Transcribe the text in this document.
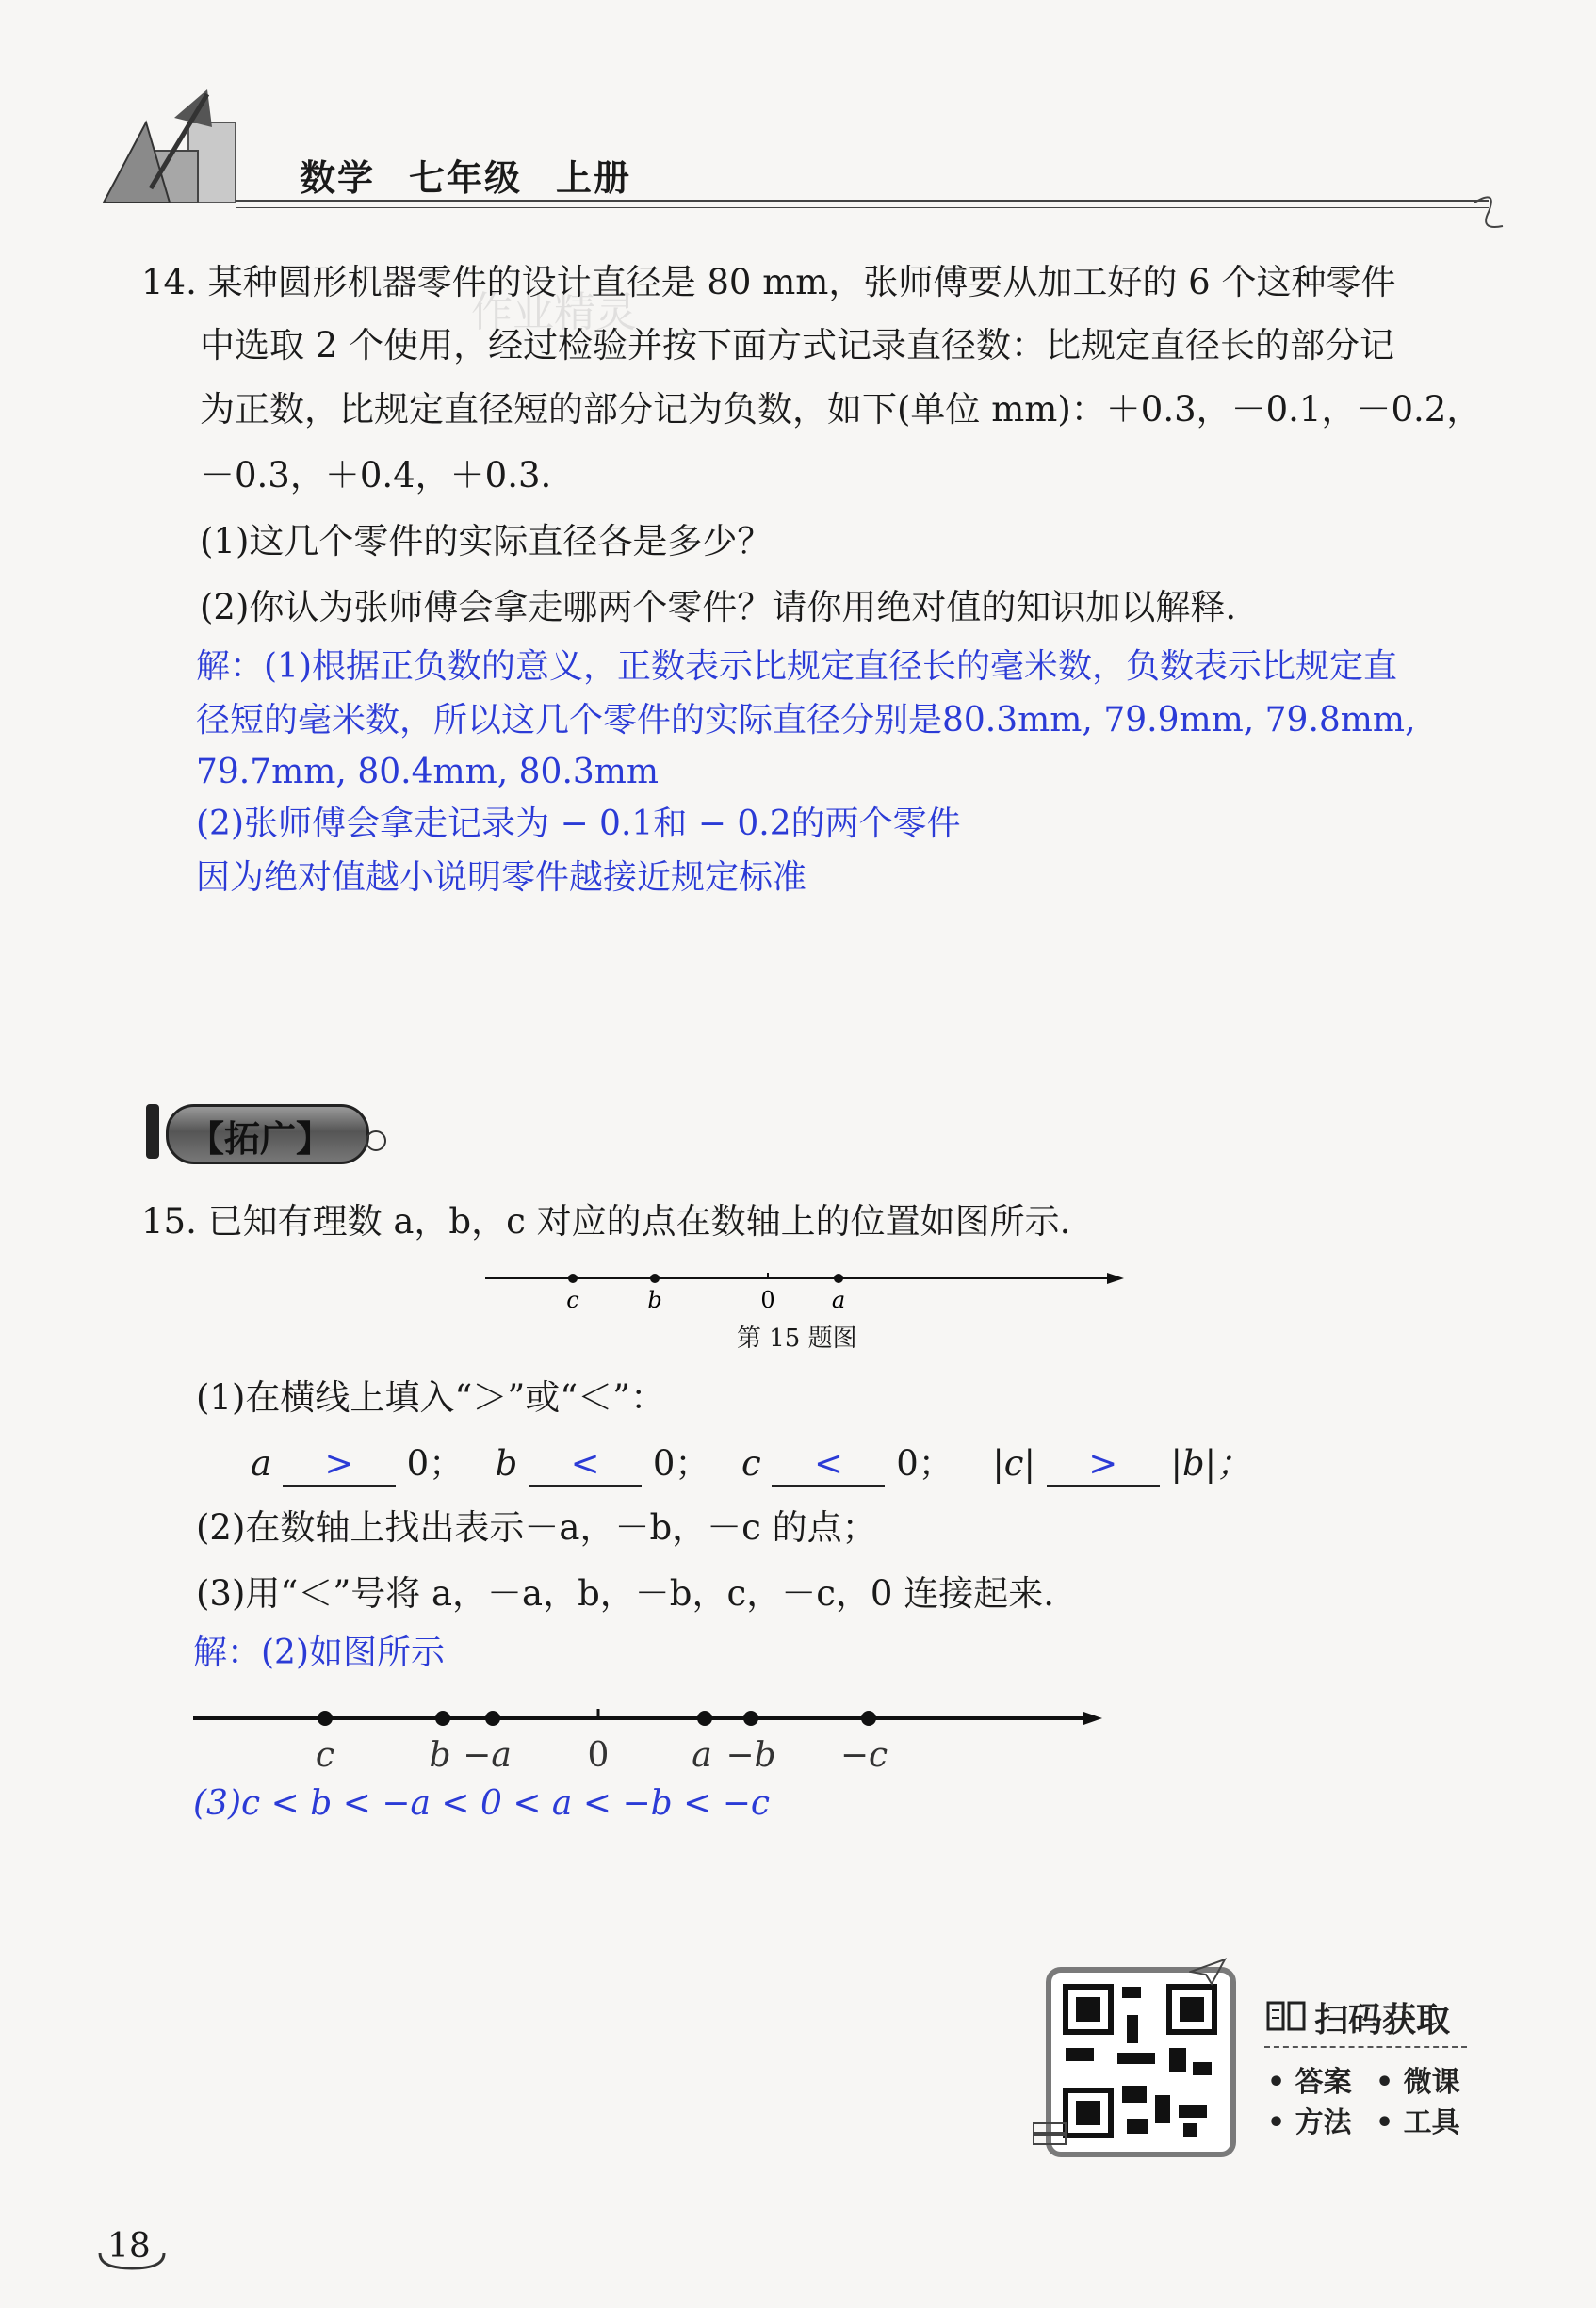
数学 七年级 上册
作业精灵
14. 某种圆形机器零件的设计直径是 80 mm，张师傅要从加工好的 6 个这种零件
中选取 2 个使用，经过检验并按下面方式记录直径数：比规定直径长的部分记
为正数，比规定直径短的部分记为负数，如下(单位 mm)：＋0.3，－0.1，－0.2，
－0.3，＋0.4，＋0.3.
(1)这几个零件的实际直径各是多少？
(2)你认为张师傅会拿走哪两个零件？请你用绝对值的知识加以解释.
解：(1)根据正负数的意义，正数表示比规定直径长的毫米数，负数表示比规定直
径短的毫米数，所以这几个零件的实际直径分别是80.3mm, 79.9mm, 79.8mm,
79.7mm, 80.4mm, 80.3mm
(2)张师傅会拿走记录为 − 0.1和 − 0.2的两个零件
因为绝对值越小说明零件越接近规定标准
【拓广】
15. 已知有理数 a，b，c 对应的点在数轴上的位置如图所示.
c	b	0	a
第 15 题图
(1)在横线上填入“＞”或“＜”：
a > 0； b < 0； c < 0； |c| > |b|；
(2)在数轴上找出表示－a，－b，－c 的点；
(3)用“＜”号将 a，－a，b，－b，c，－c，0 连接起来.
解：(2)如图所示
c	b −a 0 a −b −c
(3)c < b < −a < 0 < a < −b < −c
扫码获取
• 答案 • 微课
• 方法 • 工具
18
